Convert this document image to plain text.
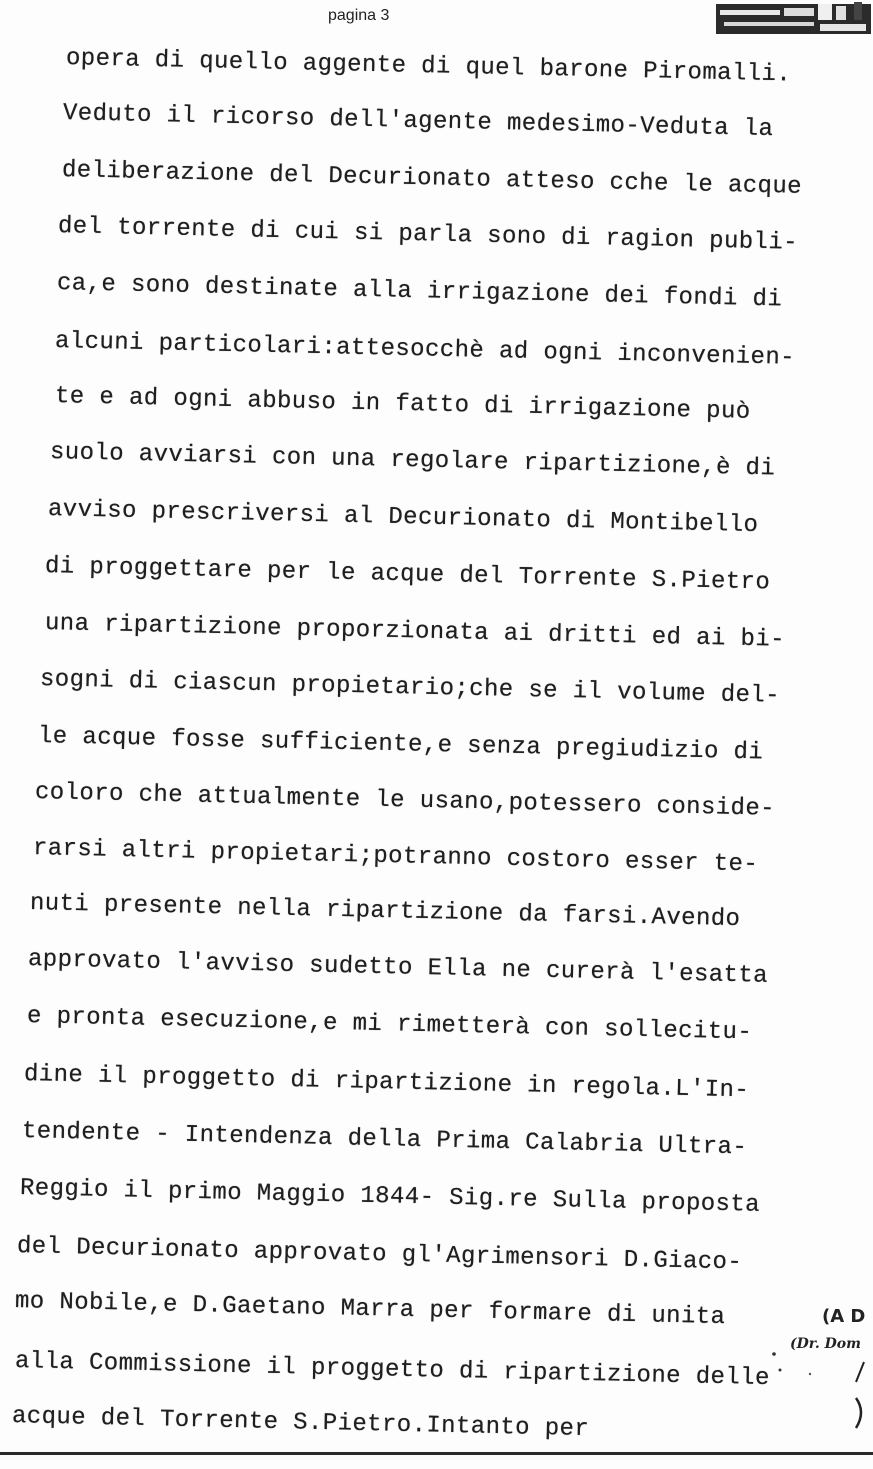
pagina 3
opera di quello aggente di quel barone Piromalli.
Veduto il ricorso dell'agente medesimo-Veduta la
deliberazione del Decurionato atteso cche le acque
del torrente di cui si parla sono di ragion publi-
ca,e sono destinate alla irrigazione dei fondi di
alcuni particolari:attesocchè ad ogni inconvenien-
te e ad ogni abbuso in fatto di irrigazione può
suolo avviarsi con una regolare ripartizione,è di
avviso prescriversi al Decurionato di Montibello
di proggettare per le acque del Torrente S.Pietro
una ripartizione proporzionata ai dritti ed ai bi-
sogni di ciascun propietario;che se il volume del-
le acque fosse sufficiente,e senza pregiudizio di
coloro che attualmente le usano,potessero conside-
rarsi altri propietari;potranno costoro esser te-
nuti presente nella ripartizione da farsi.Avendo
approvato l'avviso sudetto Ella ne curerà l'esatta
e pronta esecuzione,e mi rimetterà con sollecitu-
dine il proggetto di ripartizione in regola.L'In-
tendente - Intendenza della Prima Calabria Ultra-
Reggio il primo Maggio 1844- Sig.re Sulla proposta
del Decurionato approvato gl'Agrimensori D.Giaco-
mo Nobile,e D.Gaetano Marra per formare di unita
alla Commissione il proggetto di ripartizione delle
acque del Torrente S.Pietro.Intanto per
(A D
(Dr. Dom
